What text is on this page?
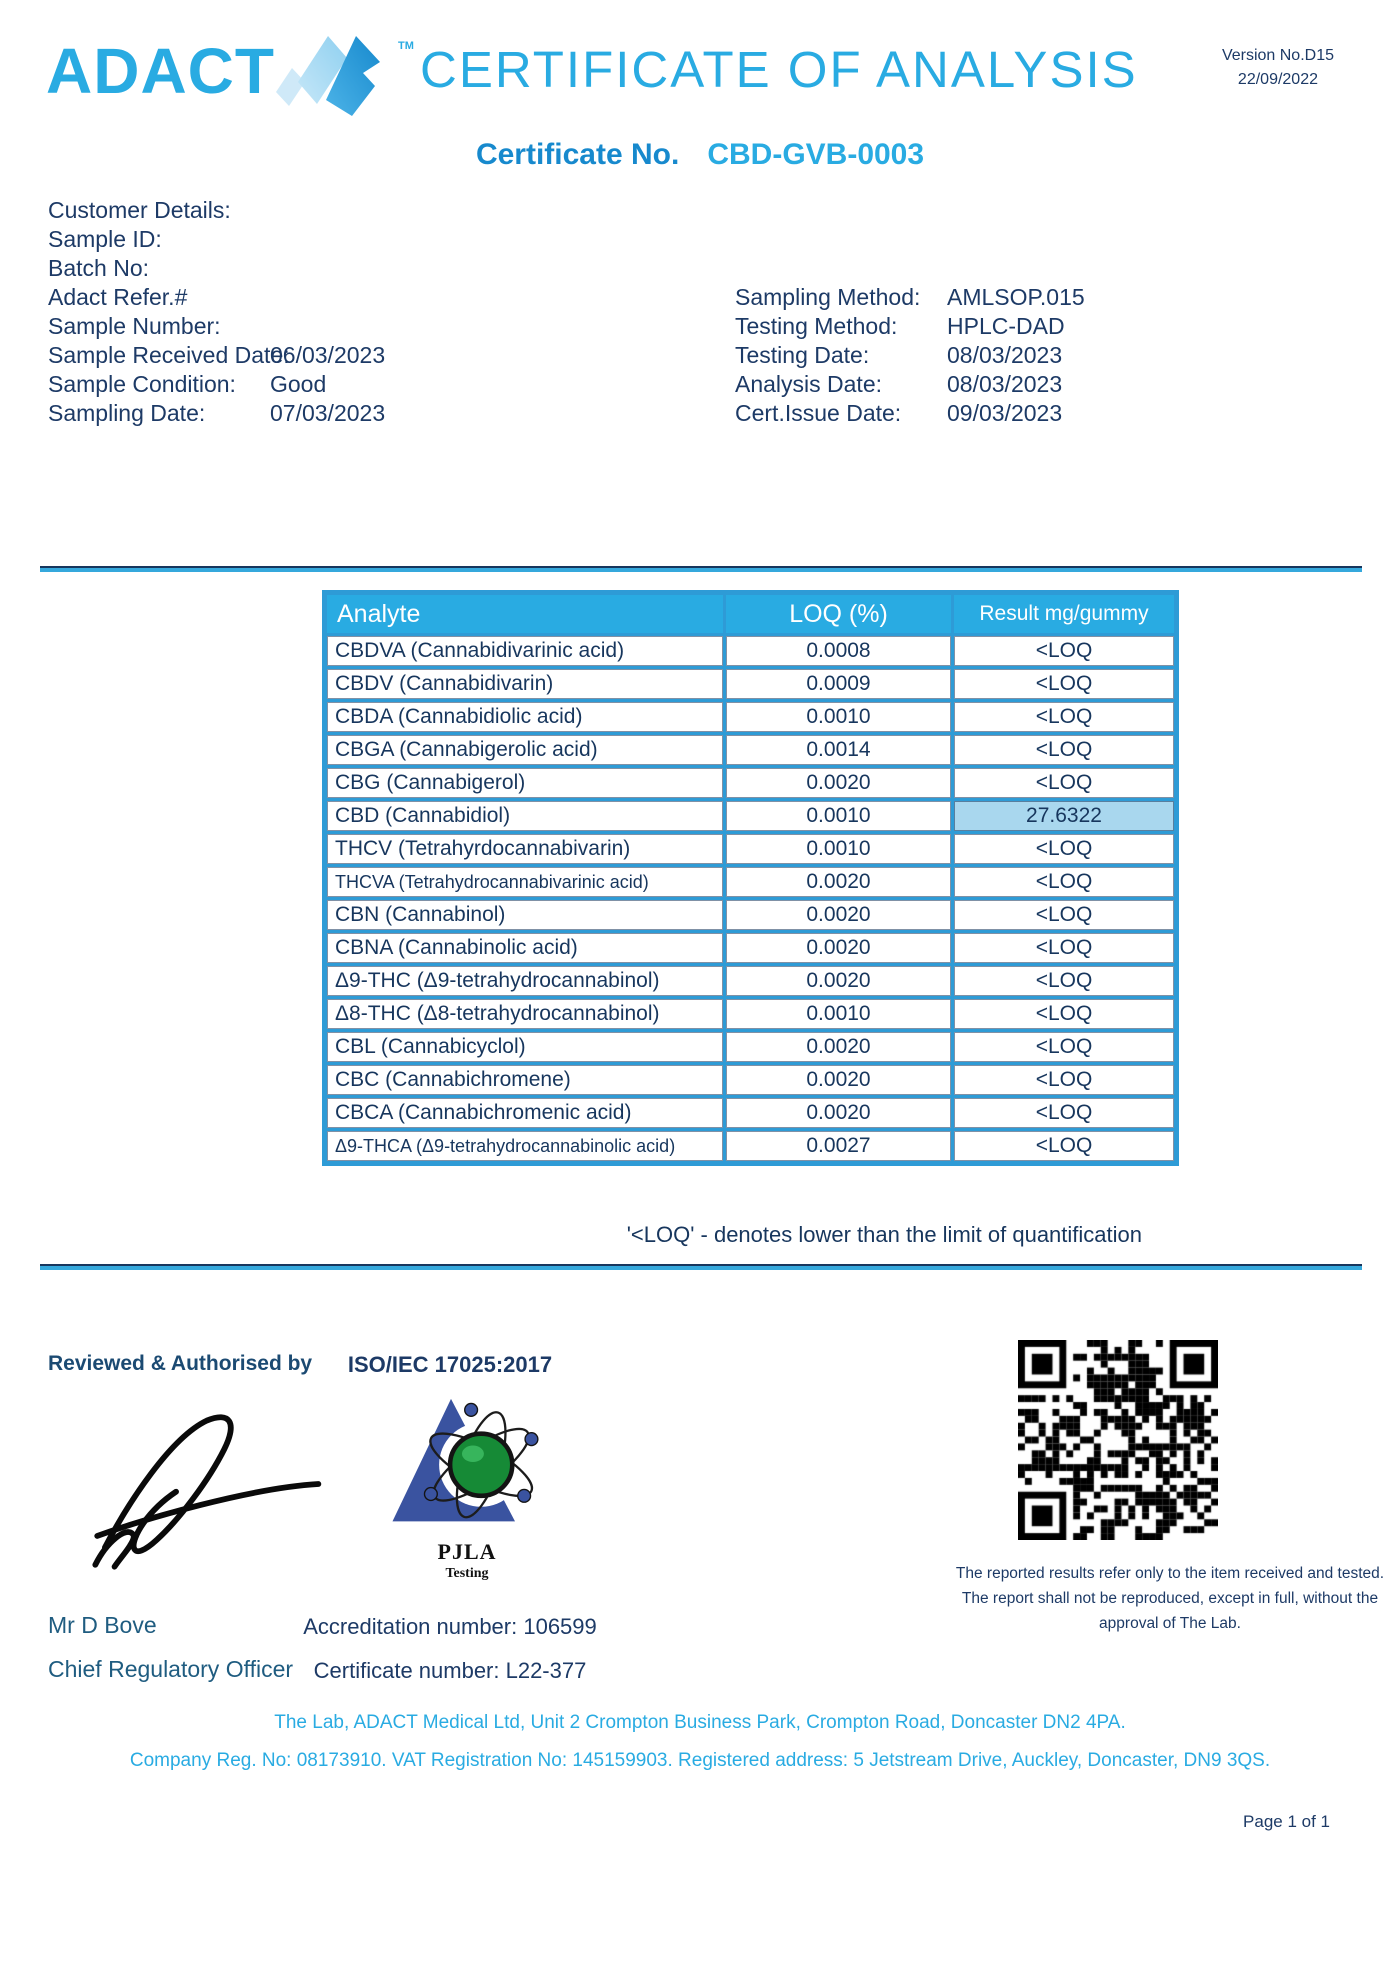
ADACT	TM CERTIFICATE OF ANALYSIS	Version No.D15
22/09/2022
Certificate No. CBD-GVB-0003
Customer Details:
Sample ID:
Batch No:
Adact Refer.#
Sample Number:
Sample Received Date:
06/03/2023
Sample Condition:	Good
Sampling Date:	07/03/2023
Sampling Method:	AMLSOP.015
Testing Method:	HPLC-DAD
Testing Date:	08/03/2023
Analysis Date:	08/03/2023
Cert.Issue Date:	09/03/2023
Analyte	LOQ (%)	Result mg/gummy
CBDVA (Cannabidivarinic acid)	0.0008	<LOQ
CBDV (Cannabidivarin)	0.0009	<LOQ
CBDA (Cannabidiolic acid)	0.0010	<LOQ
CBGA (Cannabigerolic acid)	0.0014	<LOQ
CBG (Cannabigerol)	0.0020	<LOQ
CBD (Cannabidiol)	0.0010	27.6322
THCV (Tetrahyrdocannabivarin)	0.0010	<LOQ
THCVA (Tetrahydrocannabivarinic acid)	0.0020	<LOQ
CBN (Cannabinol)	0.0020	<LOQ
CBNA (Cannabinolic acid)	0.0020	<LOQ
Δ9-THC (Δ9-tetrahydrocannabinol)	0.0020	<LOQ
Δ8-THC (Δ8-tetrahydrocannabinol)	0.0010	<LOQ
CBL (Cannabicyclol)	0.0020	<LOQ
CBC (Cannabichromene)	0.0020	<LOQ
CBCA (Cannabichromenic acid)	0.0020	<LOQ
Δ9-THCA (Δ9-tetrahydrocannabinolic acid)	0.0027	<LOQ
'<LOQ' - denotes lower than the limit of quantification
Reviewed & Authorised by	ISO/IEC 17025:2017
PJLA
Testing
Mr D Bove
Chief Regulatory Officer
Accreditation number: 106599
Certificate number: L22-377
The reported results refer only to the item received and tested. The report shall not be reproduced, except in full, without the approval of The Lab.
The Lab, ADACT Medical Ltd, Unit 2 Crompton Business Park, Crompton Road, Doncaster DN2 4PA.
Company Reg. No: 08173910. VAT Registration No: 145159903. Registered address: 5 Jetstream Drive, Auckley, Doncaster, DN9 3QS.
Page 1 of 1
